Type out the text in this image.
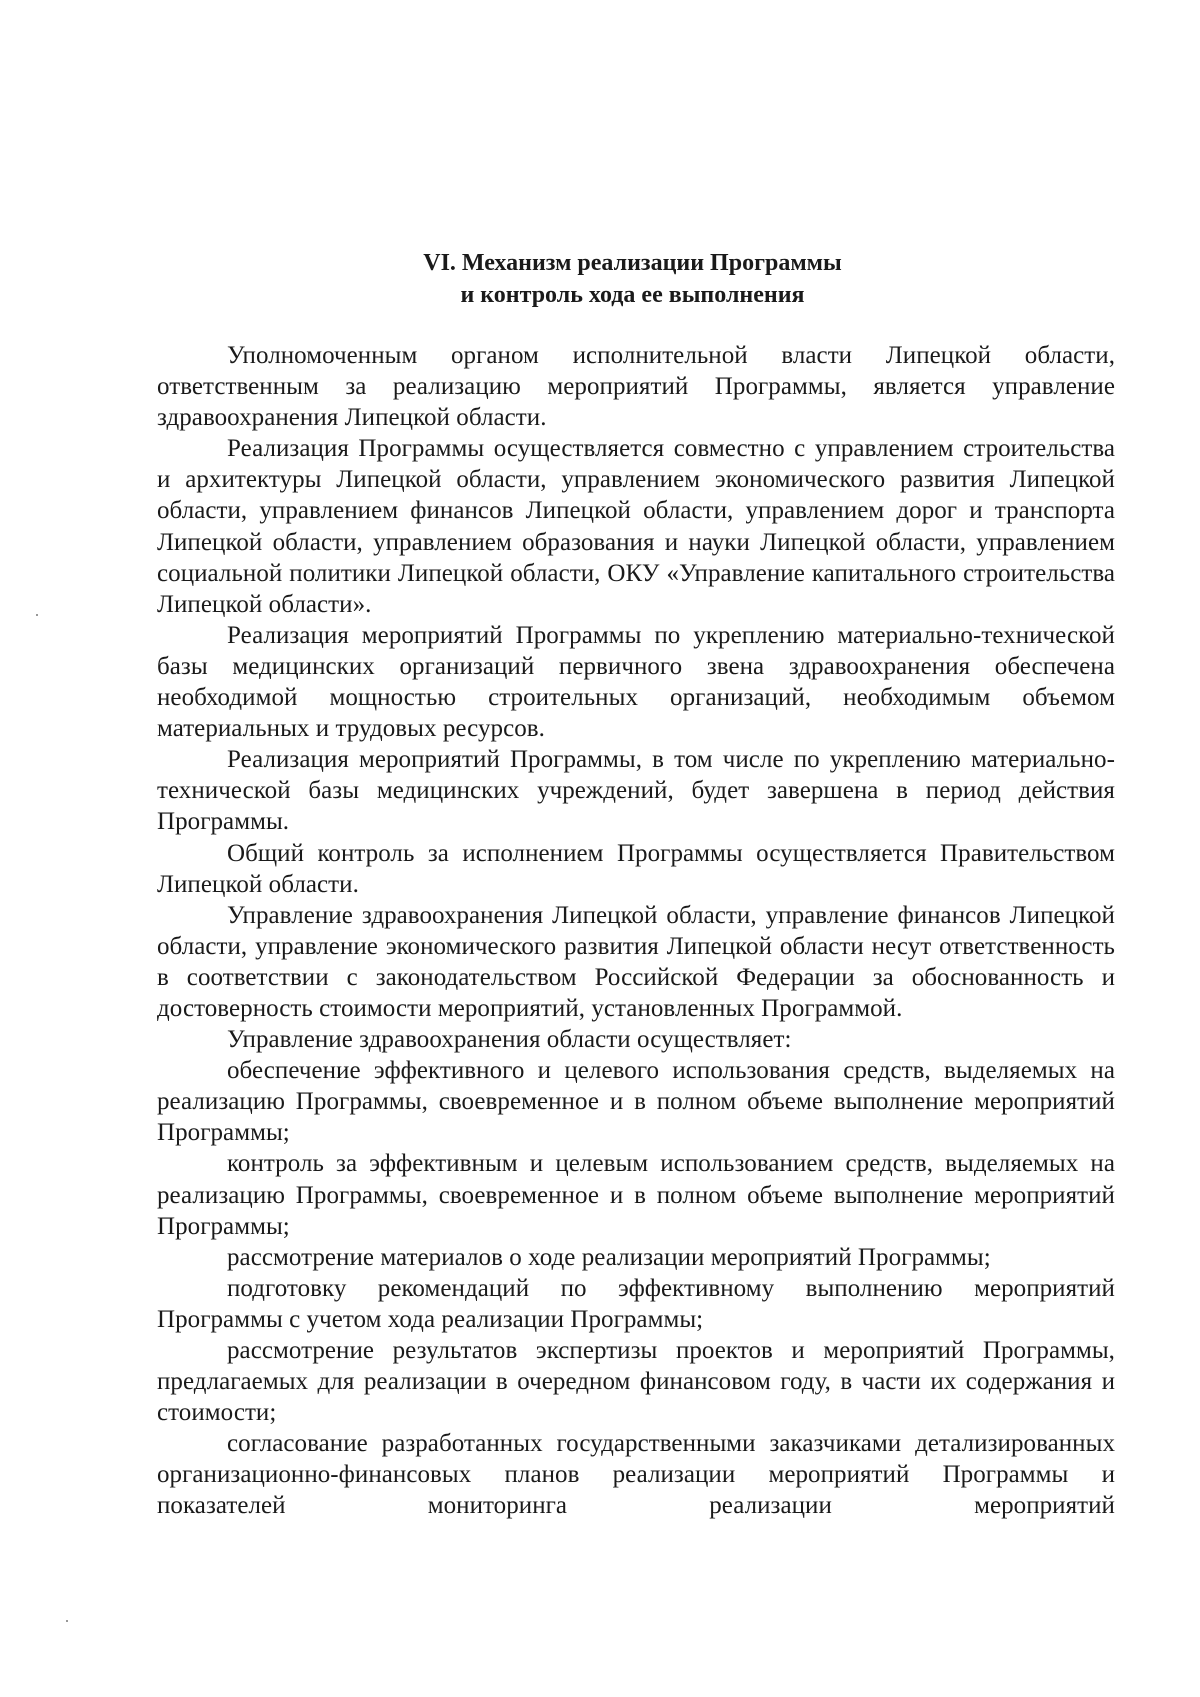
VI. Механизм реализации Программы
и контроль хода ее выполнения

Уполномоченным органом исполнительной власти Липецкой области, ответственным за реализацию мероприятий Программы, является управление здравоохранения Липецкой области.

Реализация Программы осуществляется совместно с управлением строительства и архитектуры Липецкой области, управлением экономического развития Липецкой области, управлением финансов Липецкой области, управлением дорог и транспорта Липецкой области, управлением образования и науки Липецкой области, управлением социальной политики Липецкой области, ОКУ «Управление капитального строительства Липецкой области».

Реализация мероприятий Программы по укреплению материально-технической базы медицинских организаций первичного звена здравоохранения обеспечена необходимой мощностью строительных организаций, необходимым объемом материальных и трудовых ресурсов.

Реализация мероприятий Программы, в том числе по укреплению материально-технической базы медицинских учреждений, будет завершена в период действия Программы.

Общий контроль за исполнением Программы осуществляется Правительством Липецкой области.

Управление здравоохранения Липецкой области, управление финансов Липецкой области, управление экономического развития Липецкой области несут ответственность в соответствии с законодательством Российской Федерации за обоснованность и достоверность стоимости мероприятий, установленных Программой.

Управление здравоохранения области осуществляет:

обеспечение эффективного и целевого использования средств, выделяемых на реализацию Программы, своевременное и в полном объеме выполнение мероприятий Программы;

контроль за эффективным и целевым использованием средств, выделяемых на реализацию Программы, своевременное и в полном объеме выполнение мероприятий Программы;

рассмотрение материалов о ходе реализации мероприятий Программы;

подготовку рекомендаций по эффективному выполнению мероприятий Программы с учетом хода реализации Программы;

рассмотрение результатов экспертизы проектов и мероприятий Программы, предлагаемых для реализации в очередном финансовом году, в части их содержания и стоимости;

согласование разработанных государственными заказчиками детализированных организационно-финансовых планов реализации мероприятий Программы и показателей мониторинга реализации мероприятий
